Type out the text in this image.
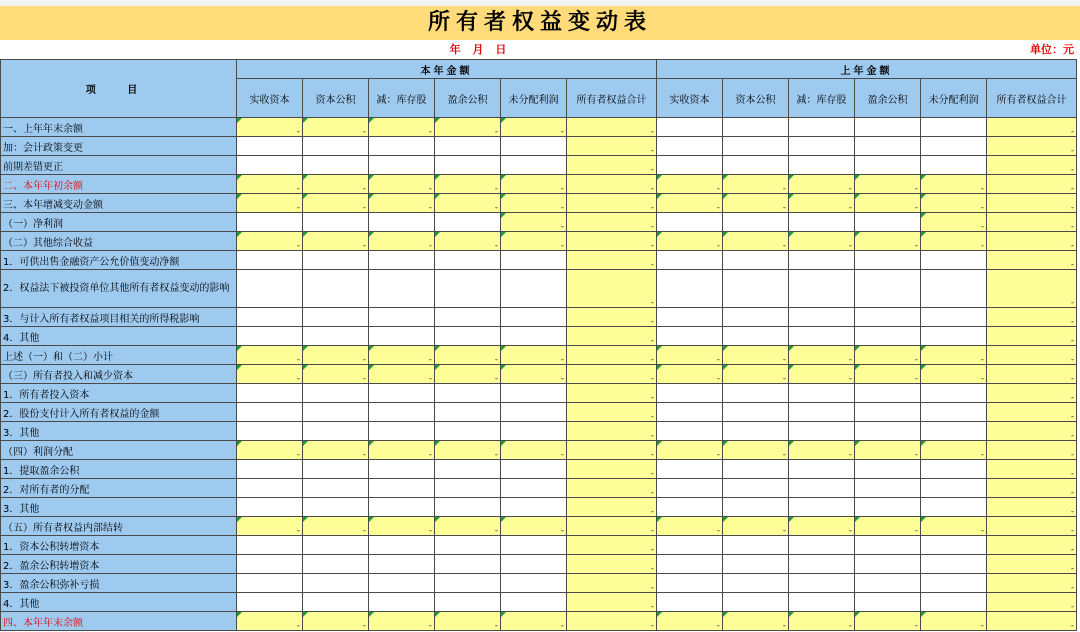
所有者权益变动表
年 月 日	单位：元
项 目	本年金额						上年金额					
	实收资本	资本公积	减：库存股	盈余公积	未分配利润	所有者权益合计	实收资本	资本公积	减：库存股	盈余公积	未分配利润	所有者权益合计
一、上年年末余额	-	-	-	-	-	-						-
加：会计政策变更						-						-
前期差错更正						-						-
二、本年年初余额	-	-	-	-	-	-	-	-	-	-	-	-
三、本年增减变动金额	-	-	-	-	-	-	-	-	-	-	-	-
（一）净利润					-	-					-	-
（二）其他综合收益	-	-	-	-	-	-	-	-	-	-	-	-
1．可供出售金融资产公允价值变动净额						-						-
2．权益法下被投资单位其他所有者权益变动的影响						-						-
3．与计入所有者权益项目相关的所得税影响						-						-
4．其他						-						-
上述（一）和（二）小计	-	-	-	-	-	-	-	-	-	-	-	-
（三）所有者投入和减少资本	-	-	-	-	-	-	-	-	-	-	-	-
1．所有者投入资本						-						-
2．股份支付计入所有者权益的金额						-						-
3．其他						-						-
（四）利润分配	-	-	-	-	-	-	-	-	-	-	-	-
1．提取盈余公积						-						-
2．对所有者的分配						-						-
3．其他						-						-
（五）所有者权益内部结转	-	-	-	-	-	-	-	-	-	-	-	-
1．资本公积转增资本						-						-
2．盈余公积转增资本						-						-
3．盈余公积弥补亏损						-						-
4．其他						-						-
四、本年年末余额	-	-	-	-	-	-	-	-	-	-	-	-
